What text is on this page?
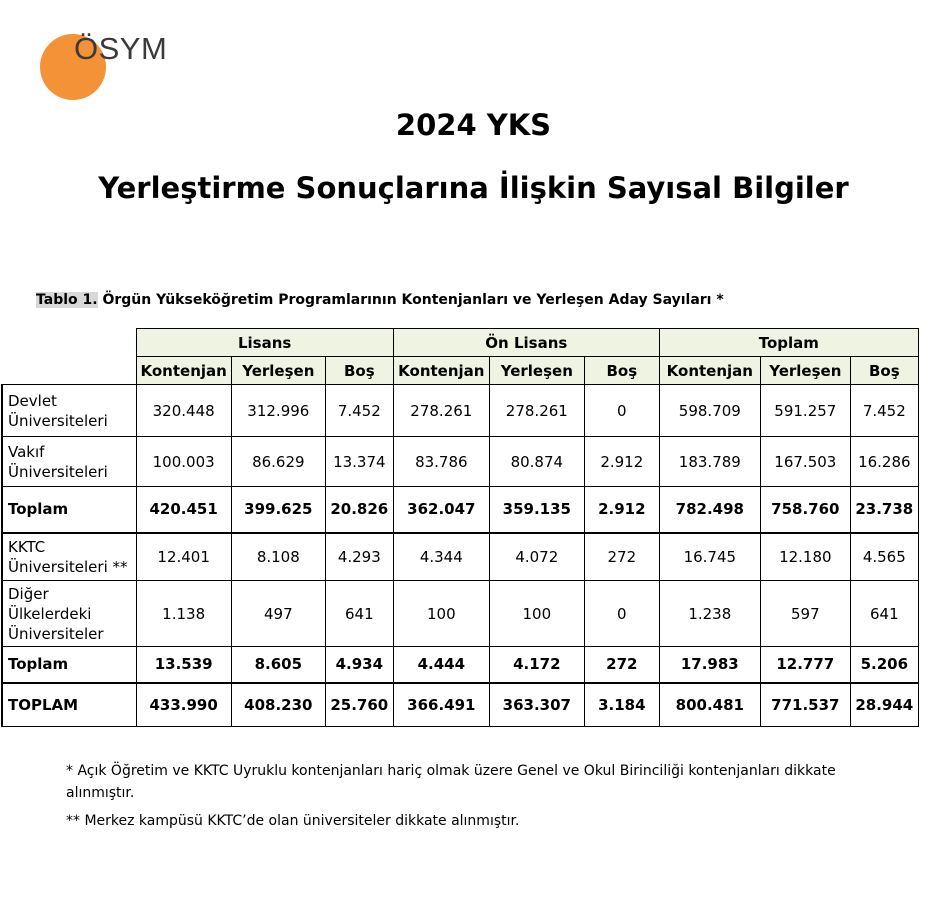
ÖSYM
2024 YKS
Yerleştirme Sonuçlarına İlişkin Sayısal Bilgiler
Tablo 1. Örgün Yükseköğretim Programlarının Kontenjanları ve Yerleşen Aday Sayıları *
	Lisans			Ön Lisans			Toplam		
	Kontenjan	Yerleşen	Boş	Kontenjan	Yerleşen	Boş	Kontenjan	Yerleşen	Boş
Devlet Üniversiteleri	320.448	312.996	7.452	278.261	278.261	0	598.709	591.257	7.452
Vakıf Üniversiteleri	100.003	86.629	13.374	83.786	80.874	2.912	183.789	167.503	16.286
Toplam	420.451	399.625	20.826	362.047	359.135	2.912	782.498	758.760	23.738
KKTC Üniversiteleri **	12.401	8.108	4.293	4.344	4.072	272	16.745	12.180	4.565
Diğer Ülkelerdeki Üniversiteler	1.138	497	641	100	100	0	1.238	597	641
Toplam	13.539	8.605	4.934	4.444	4.172	272	17.983	12.777	5.206
TOPLAM	433.990	408.230	25.760	366.491	363.307	3.184	800.481	771.537	28.944

* Açık Öğretim ve KKTC Uyruklu kontenjanları hariç olmak üzere Genel ve Okul Birinciliği kontenjanları dikkate alınmıştır.

** Merkez kampüsü KKTC’de olan üniversiteler dikkate alınmıştır.
